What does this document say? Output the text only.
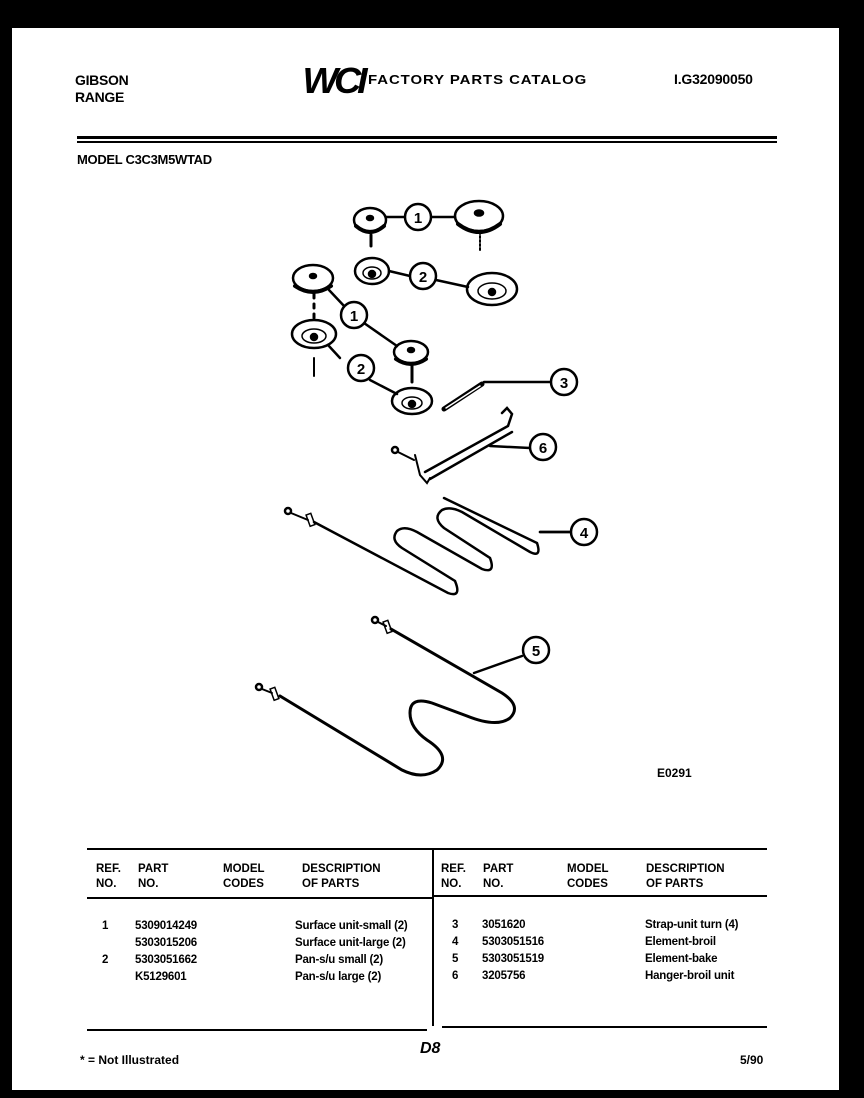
GIBSON
RANGE	WCI FACTORY PARTS CATALOG	I.G32090050
MODEL C3C3M5WTAD
1
2
1
2
3
6
4
5
E0291
REF.
NO.
PART
NO.
MODEL
CODES
DESCRIPTION
OF PARTS
REF.
NO.
PART
NO.
MODEL
CODES
DESCRIPTION
OF PARTS
1
2
5309014249
5303015206
5303051662
K5129601
Surface unit-small (2)
Surface unit-large (2)
Pan-s/u small (2)
Pan-s/u large (2)
3
4
5
6
3051620
5303051516
5303051519
3205756
Strap-unit turn (4)
Element-broil
Element-bake
Hanger-broil unit
* = Not Illustrated
D8
5/90
